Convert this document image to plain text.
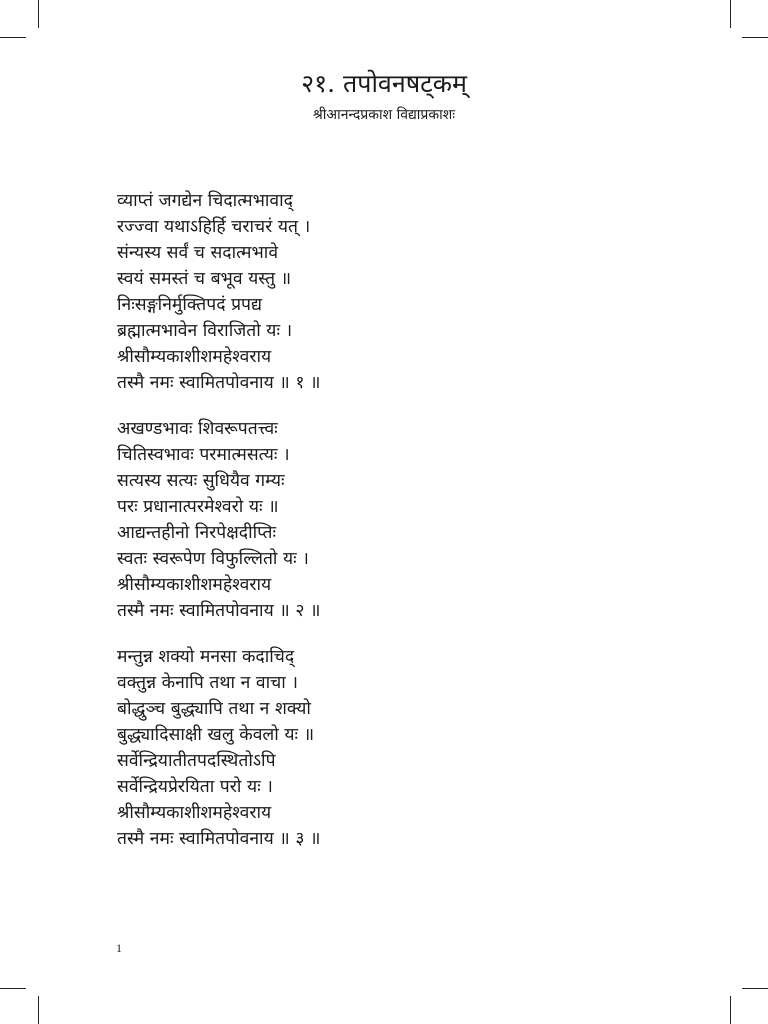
२१. तपोवनषट्कम्
श्रीआनन्दप्रकाश विद्याप्रकाशः
व्याप्तं जगद्येन चिदात्मभावाद्
रज्ज्वा यथाऽहिर्हि चराचरं यत् ।
संन्यस्य सर्वं च सदात्मभावे
स्वयं समस्तं च बभूव यस्तु ॥
निःसङ्गनिर्मुक्तिपदं प्रपद्य
ब्रह्मात्मभावेन विराजितो यः ।
श्रीसौम्यकाशीशमहेश्वराय
तस्मै नमः स्वामितपोवनाय ॥ १ ॥
अखण्डभावः शिवरूपतत्त्वः
चितिस्वभावः परमात्मसत्यः ।
सत्यस्य सत्यः सुधियैव गम्यः
परः प्रधानात्परमेश्वरो यः ॥
आद्यन्तहीनो निरपेक्षदीप्तिः
स्वतः स्वरूपेण विफुल्लितो यः ।
श्रीसौम्यकाशीशमहेश्वराय
तस्मै नमः स्वामितपोवनाय ॥ २ ॥
मन्तुन्न शक्यो मनसा कदाचिद्
वक्तुन्न केनापि तथा न वाचा ।
बोद्धुञ्च बुद्ध्यापि तथा न शक्यो
बुद्ध्यादिसाक्षी खलु केवलो यः ॥
सर्वेन्द्रियातीतपदस्थितोऽपि
सर्वेन्द्रियप्रेरयिता परो यः ।
श्रीसौम्यकाशीशमहेश्वराय
तस्मै नमः स्वामितपोवनाय ॥ ३ ॥
1
